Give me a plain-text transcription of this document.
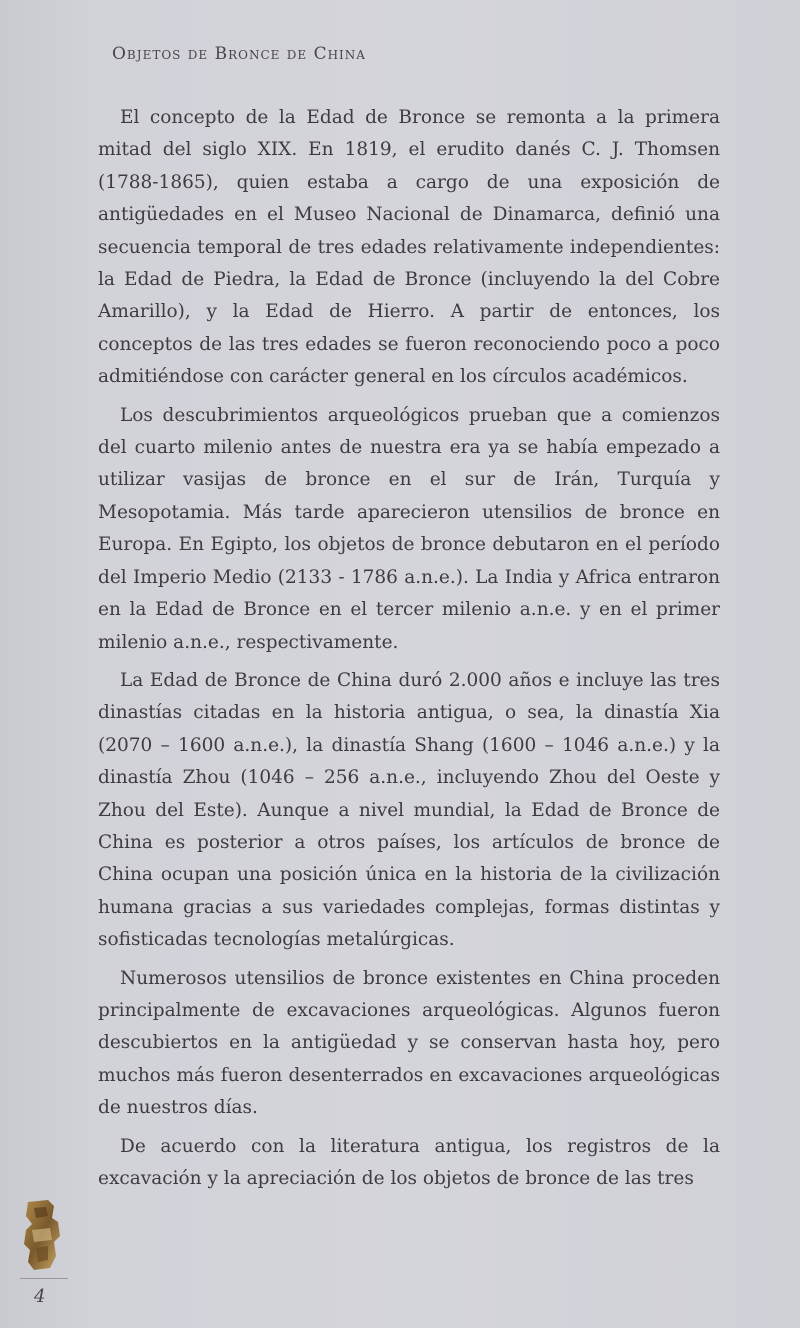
Objetos de Bronce de China

El concepto de la Edad de Bronce se remonta a la primera mitad del siglo XIX. En 1819, el erudito danés C. J. Thomsen (1788-1865), quien estaba a cargo de una exposición de antigüedades en el Museo Nacional de Dinamarca, definió una secuencia temporal de tres edades relativamente independientes: la Edad de Piedra, la Edad de Bronce (incluyendo la del Cobre Amarillo), y la Edad de Hierro. A partir de entonces, los conceptos de las tres edades se fueron reconociendo poco a poco admitiéndose con carácter general en los círculos académicos.

Los descubrimientos arqueológicos prueban que a comienzos del cuarto milenio antes de nuestra era ya se había empezado a utilizar vasijas de bronce en el sur de Irán, Turquía y Mesopotamia. Más tarde aparecieron utensilios de bronce en Europa. En Egipto, los objetos de bronce debutaron en el período del Imperio Medio (2133 - 1786 a.n.e.). La India y Africa entraron en la Edad de Bronce en el tercer milenio a.n.e. y en el primer milenio a.n.e., respectivamente.

La Edad de Bronce de China duró 2.000 años e incluye las tres dinastías citadas en la historia antigua, o sea, la dinastía Xia (2070 – 1600 a.n.e.), la dinastía Shang (1600 – 1046 a.n.e.) y la dinastía Zhou (1046 – 256 a.n.e., incluyendo Zhou del Oeste y Zhou del Este). Aunque a nivel mundial, la Edad de Bronce de China es posterior a otros países, los artículos de bronce de China ocupan una posición única en la historia de la civilización humana gracias a sus variedades complejas, formas distintas y sofisticadas tecnologías metalúrgicas.

Numerosos utensilios de bronce existentes en China proceden principalmente de excavaciones arqueológicas. Algunos fueron descubiertos en la antigüedad y se conservan hasta hoy, pero muchos más fueron desenterrados en excavaciones arqueológicas de nuestros días.

De acuerdo con la literatura antigua, los registros de la excavación y la apreciación de los objetos de bronce de las tres

4
